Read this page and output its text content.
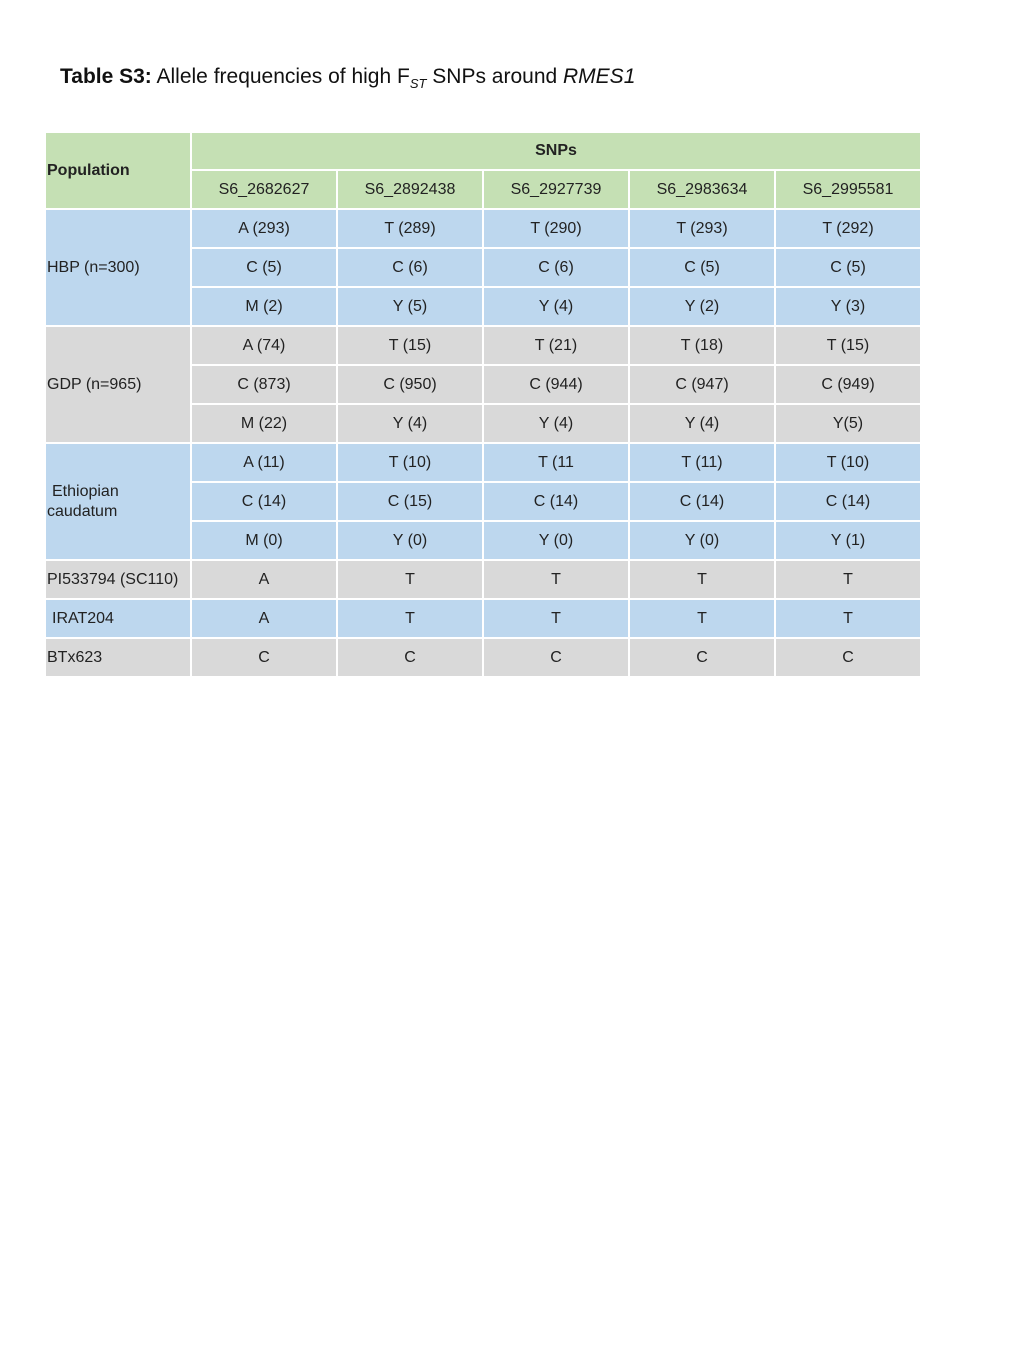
Table S3: Allele frequencies of high $F_{ST}$ SNPs around RMES1
Population	SNPs				
	S6_2682627	S6_2892438	S6_2927739	S6_2983634	S6_2995581
HBP (n=300)	A (293)	T (289)	T (290)	T (293)	T (292)
	C (5)	C (6)	C (6)	C (5)	C (5)
	M (2)	Y (5)	Y (4)	Y (2)	Y (3)
GDP (n=965)	A (74)	T (15)	T (21)	T (18)	T (15)
	C (873)	C (950)	C (944)	C (947)	C (949)
	M (22)	Y (4)	Y (4)	Y (4)	Y(5)
Ethiopian
caudatum	A (11)	T (10)	T (11	T (11)	T (10)
	C (14)	C (15)	C (14)	C (14)	C (14)
	M (0)	Y (0)	Y (0)	Y (0)	Y (1)
PI533794 (SC110)	A	T	T	T	T
IRAT204	A	T	T	T	T
BTx623	C	C	C	C	C
